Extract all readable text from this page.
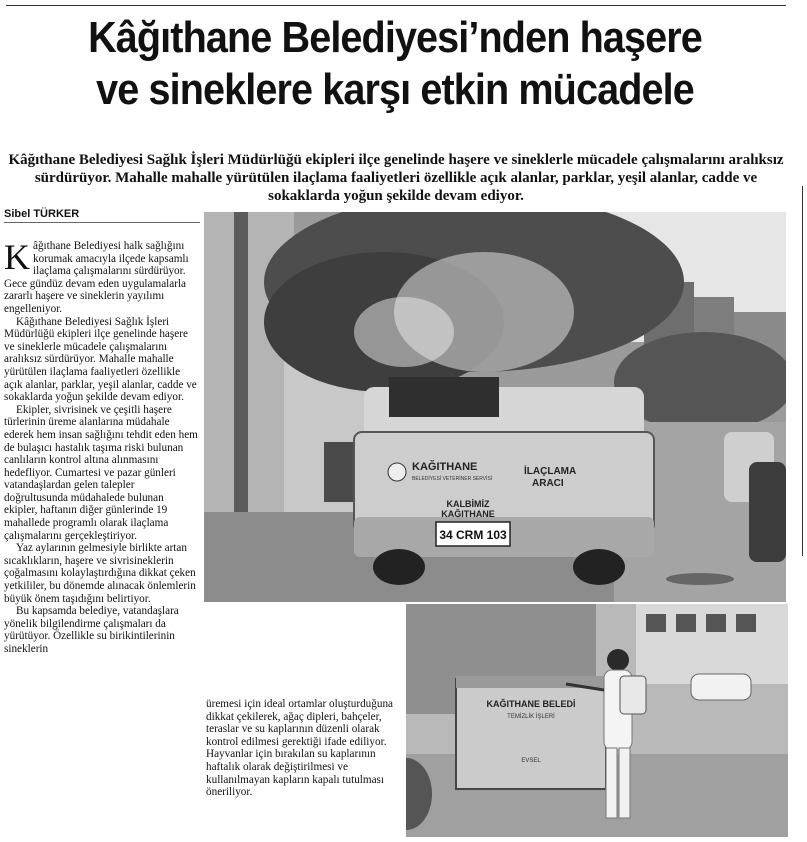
Kâğıthane Belediyesi’nden haşere
ve sineklere karşı etkin mücadele

Kâğıthane Belediyesi Sağlık İşleri Müdürlüğü ekipleri ilçe genelinde haşere ve sineklerle mücadele çalışmalarını aralıksız sürdürüyor. Mahalle mahalle yürütülen ilaçlama faaliyetleri özellikle açık alanlar, parklar, yeşil alanlar, cadde ve sokaklarda yoğun şekilde devam ediyor.

Sibel TÜRKER

Kâğıthane Belediyesi halk sağlığını korumak amacıyla ilçede kapsamlı ilaçlama çalışmalarını sürdürüyor. Gece gündüz devam eden uygulamalarla zararlı haşere ve sineklerin yayılımı engelleniyor.

Kâğıthane Belediyesi Sağlık İşleri Müdürlüğü ekipleri ilçe genelinde haşere ve sineklerle mücadele çalışmalarını aralıksız sürdürüyor. Mahalle mahalle yürütülen ilaçlama faaliyetleri özellikle açık alanlar, parklar, yeşil alanlar, cadde ve sokaklarda yoğun şekilde devam ediyor.

Ekipler, sivrisinek ve çeşitli haşere türlerinin üreme alanlarına müdahale ederek hem insan sağlığını tehdit eden hem de bulaşıcı hastalık taşıma riski bulunan canlıların kontrol altına alınmasını hedefliyor. Cumartesi ve pazar günleri vatandaşlardan gelen talepler doğrultusunda müdahalede bulunan ekipler, haftanın diğer günlerinde 19 mahallede programlı olarak ilaçlama çalışmalarını gerçekleştiriyor.

Yaz aylarının gelmesiyle birlikte artan sıcaklıkların, haşere ve sivrisineklerin çoğalmasını kolaylaştırdığına dikkat çeken yetkililer, bu dönemde alınacak önlemlerin büyük önem taşıdığını belirtiyor.

Bu kapsamda belediye, vatandaşlara yönelik bilgilendirme çalışmaları da yürütüyor. Özellikle su birikintilerinin sineklerin

üremesi için ideal ortamlar oluşturduğuna dikkat çekilerek, ağaç dipleri, bahçeler, teraslar ve su kaplarının düzenli olarak kontrol edilmesi gerektiği ifade ediliyor. Hayvanlar için bırakılan su kaplarının haftalık olarak değiştirilmesi ve kullanılmayan kapların kapalı tutulması öneriliyor.

34 CRM 103
KAĞITHANE
BELEDİYESİ VETERİNER SERVİSİ
İLAÇLAMA
ARACI
KALBİMİZ
KAĞITHANE
KAĞITHANE BELEDİ
TEMİZLİK İŞLERİ
EVSEL
